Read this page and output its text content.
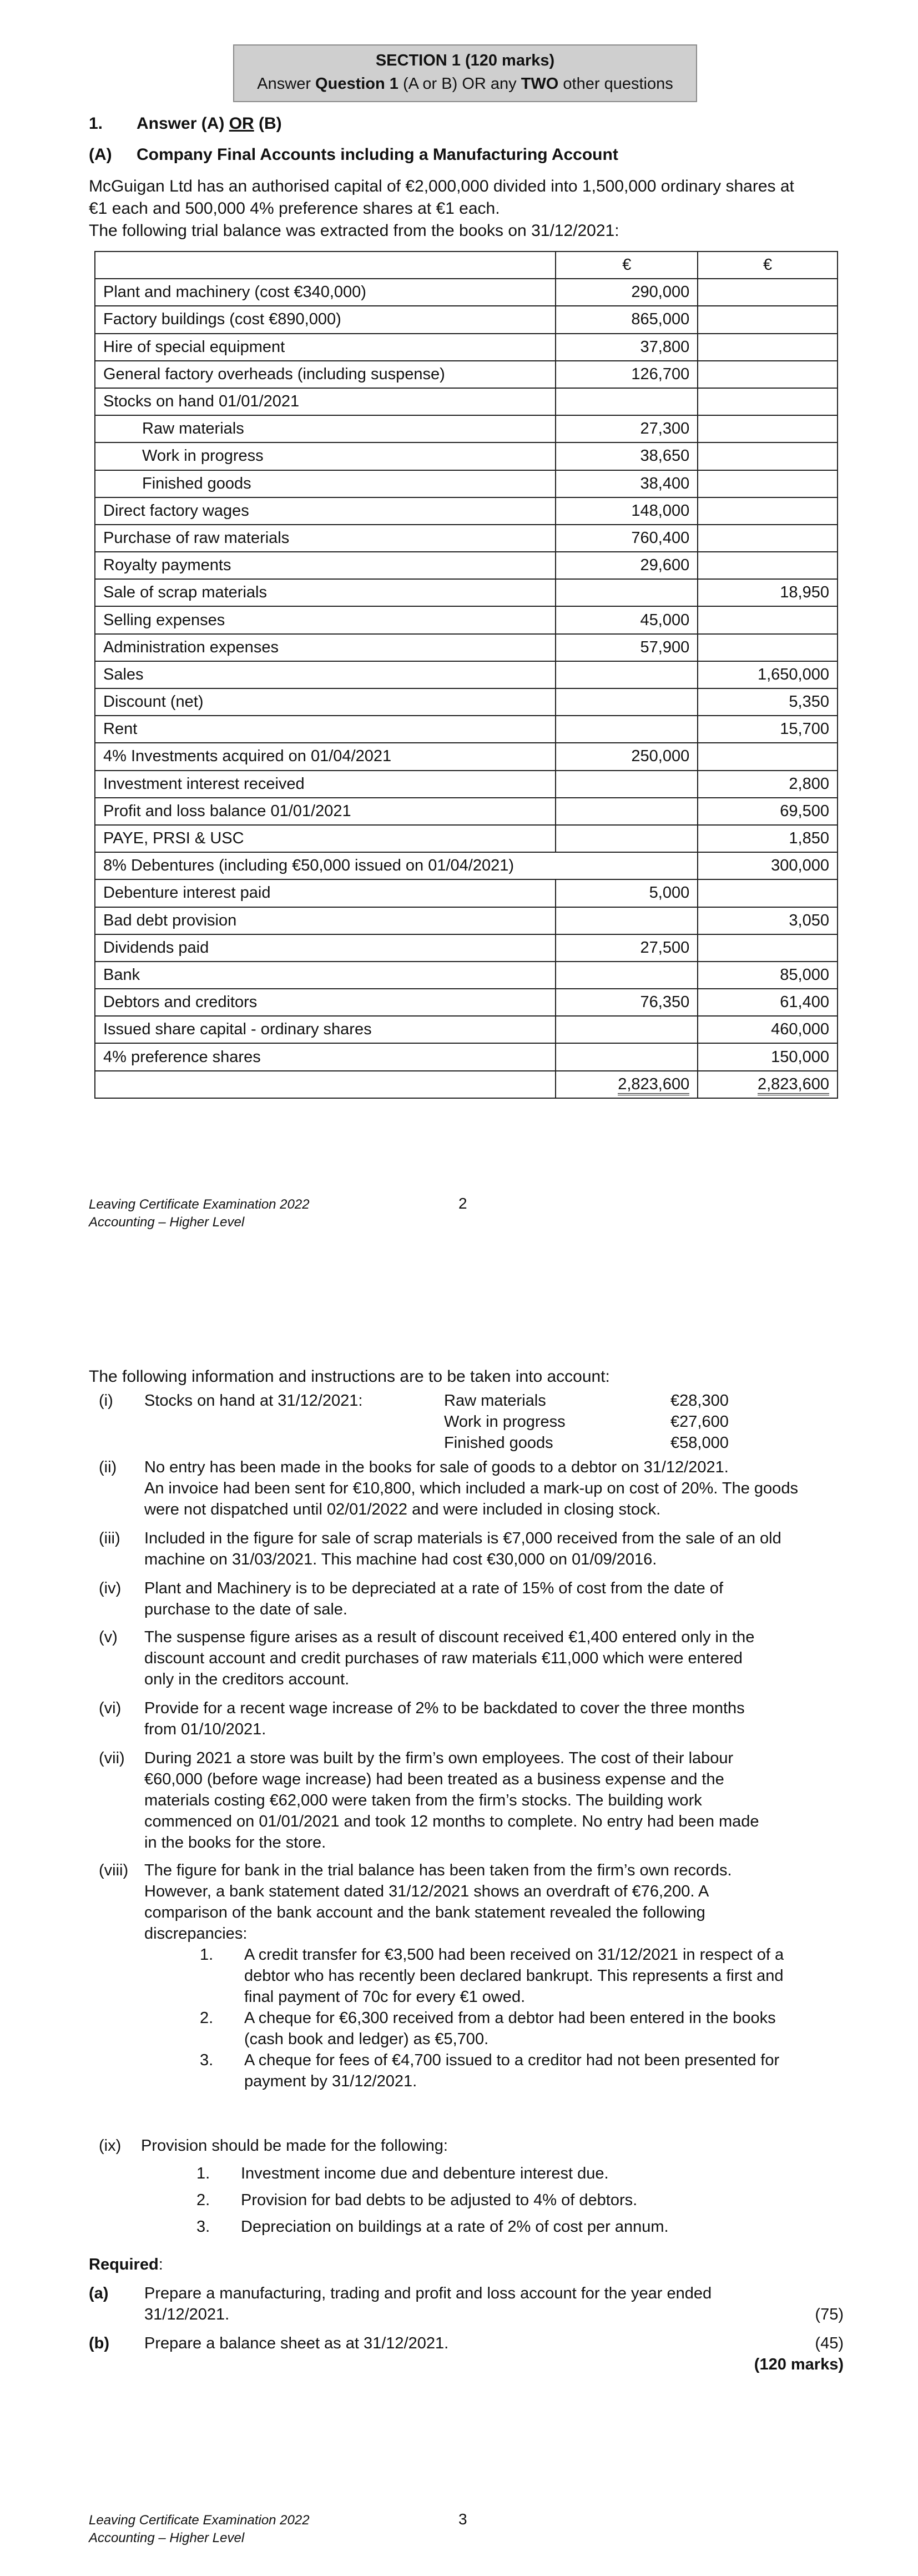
SECTION 1 (120 marks)
Answer Question 1 (A or B) OR any TWO other questions
1. Answer (A) OR (B)
(A) Company Final Accounts including a Manufacturing Account
McGuigan Ltd has an authorised capital of €2,000,000 divided into 1,500,000 ordinary shares at
€1 each and 500,000 4% preference shares at €1 each.
The following trial balance was extracted from the books on 31/12/2021:
	€	€
Plant and machinery (cost €340,000)	290,000	
Factory buildings (cost €890,000)	865,000	
Hire of special equipment	37,800	
General factory overheads (including suspense)	126,700	
Stocks on hand 01/01/2021		
Raw materials	27,300	
Work in progress	38,650	
Finished goods	38,400	
Direct factory wages	148,000	
Purchase of raw materials	760,400	
Royalty payments	29,600	
Sale of scrap materials		18,950
Selling expenses	45,000	
Administration expenses	57,900	
Sales		1,650,000
Discount (net)		5,350
Rent		15,700
4% Investments acquired on 01/04/2021	250,000	
Investment interest received		2,800
Profit and loss balance 01/01/2021		69,500
PAYE, PRSI & USC		1,850
8% Debentures (including €50,000 issued on 01/04/2021)		300,000
Debenture interest paid	5,000	
Bad debt provision		3,050
Dividends paid	27,500	
Bank		85,000
Debtors and creditors	76,350	61,400
Issued share capital - ordinary shares		460,000
4% preference shares		150,000
	2,823,600	2,823,600
Leaving Certificate Examination 2022
Accounting – Higher Level
2
The following information and instructions are to be taken into account:
(i) Stocks on hand at 31/12/2021:	Raw materials	€28,300
Work in progress	€27,600
Finished goods	€58,000
(ii) No entry has been made in the books for sale of goods to a debtor on 31/12/2021.
An invoice had been sent for €10,800, which included a mark-up on cost of 20%. The goods
were not dispatched until 02/01/2022 and were included in closing stock.
(iii) Included in the figure for sale of scrap materials is €7,000 received from the sale of an old
machine on 31/03/2021. This machine had cost €30,000 on 01/09/2016.
(iv) Plant and Machinery is to be depreciated at a rate of 15% of cost from the date of
purchase to the date of sale.
(v) The suspense figure arises as a result of discount received €1,400 entered only in the
discount account and credit purchases of raw materials €11,000 which were entered
only in the creditors account.
(vi) Provide for a recent wage increase of 2% to be backdated to cover the three months
from 01/10/2021.
(vii) During 2021 a store was built by the firm’s own employees. The cost of their labour
€60,000 (before wage increase) had been treated as a business expense and the
materials costing €62,000 were taken from the firm’s stocks. The building work
commenced on 01/01/2021 and took 12 months to complete. No entry had been made
in the books for the store.
(viii) The figure for bank in the trial balance has been taken from the firm’s own records.
However, a bank statement dated 31/12/2021 shows an overdraft of €76,200. A
comparison of the bank account and the bank statement revealed the following
discrepancies:
1. A credit transfer for €3,500 had been received on 31/12/2021 in respect of a
debtor who has recently been declared bankrupt. This represents a first and
final payment of 70c for every €1 owed.
2. A cheque for €6,300 received from a debtor had been entered in the books
(cash book and ledger) as €5,700.
3. A cheque for fees of €4,700 issued to a creditor had not been presented for
payment by 31/12/2021.
(ix) Provision should be made for the following:
1. Investment income due and debenture interest due.
2. Provision for bad debts to be adjusted to 4% of debtors.
3. Depreciation on buildings at a rate of 2% of cost per annum.
Required:
(a) Prepare a manufacturing, trading and profit and loss account for the year ended
31/12/2021.	(75)
(b) Prepare a balance sheet as at 31/12/2021.	(45)
(120 marks)
Leaving Certificate Examination 2022
Accounting – Higher Level
3
